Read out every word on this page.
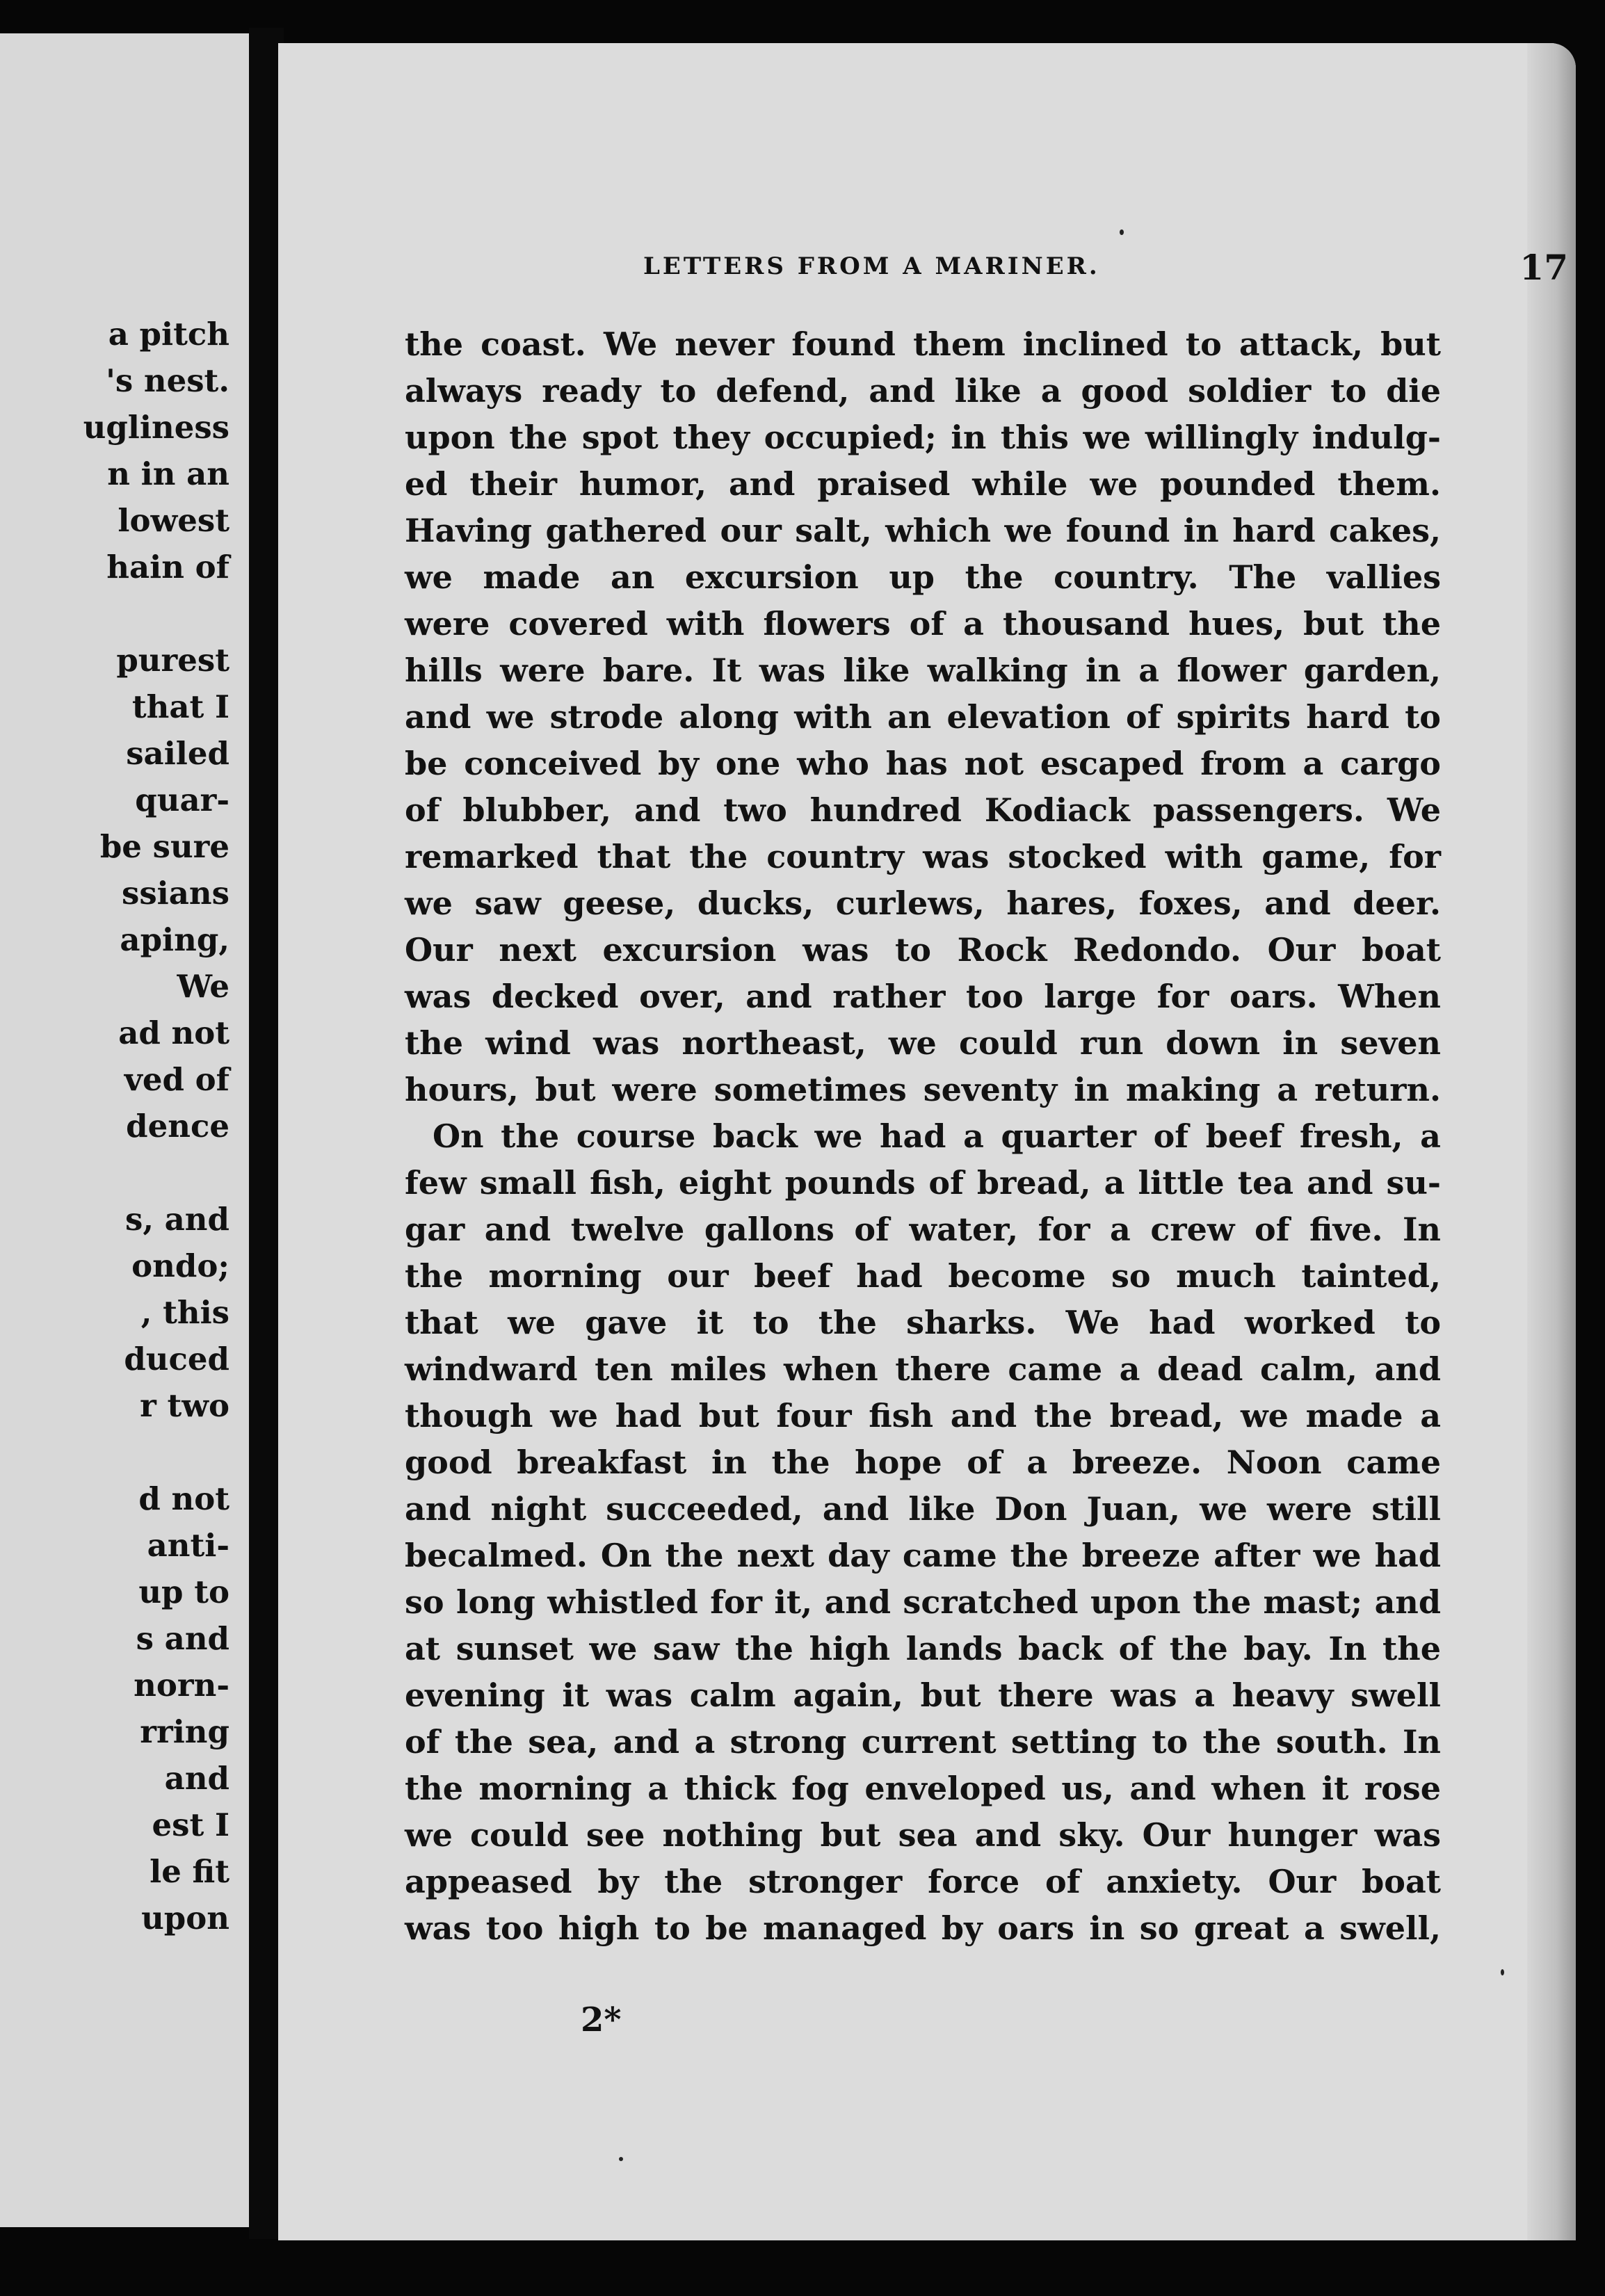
a pitch
's nest.
ugliness
n in an
lowest
hain of
purest
that I
sailed
quar-
be sure
ssians
aping,
We
ad not
ved of
dence
s, and
ondo;
, this
duced
r two
d not
anti-
up to
s and
norn-
rring
and
est I
le fit
upon
LETTERS FROM A MARINER.	17
the coast. We never found them inclined to attack, but
always ready to defend, and like a good soldier to die
upon the spot they occupied; in this we willingly indulg-
ed their humor, and praised while we pounded them.
Having gathered our salt, which we found in hard cakes,
we made an excursion up the country. The vallies
were covered with flowers of a thousand hues, but the
hills were bare. It was like walking in a flower garden,
and we strode along with an elevation of spirits hard to
be conceived by one who has not escaped from a cargo
of blubber, and two hundred Kodiack passengers. We
remarked that the country was stocked with game, for
we saw geese, ducks, curlews, hares, foxes, and deer.
Our next excursion was to Rock Redondo. Our boat
was decked over, and rather too large for oars. When
the wind was northeast, we could run down in seven
hours, but were sometimes seventy in making a return.
On the course back we had a quarter of beef fresh, a
few small fish, eight pounds of bread, a little tea and su-
gar and twelve gallons of water, for a crew of five. In
the morning our beef had become so much tainted,
that we gave it to the sharks. We had worked to
windward ten miles when there came a dead calm, and
though we had but four fish and the bread, we made a
good breakfast in the hope of a breeze. Noon came
and night succeeded, and like Don Juan, we were still
becalmed. On the next day came the breeze after we had
so long whistled for it, and scratched upon the mast; and
at sunset we saw the high lands back of the bay. In the
evening it was calm again, but there was a heavy swell
of the sea, and a strong current setting to the south. In
the morning a thick fog enveloped us, and when it rose
we could see nothing but sea and sky. Our hunger was
appeased by the stronger force of anxiety. Our boat
was too high to be managed by oars in so great a swell,
2*
